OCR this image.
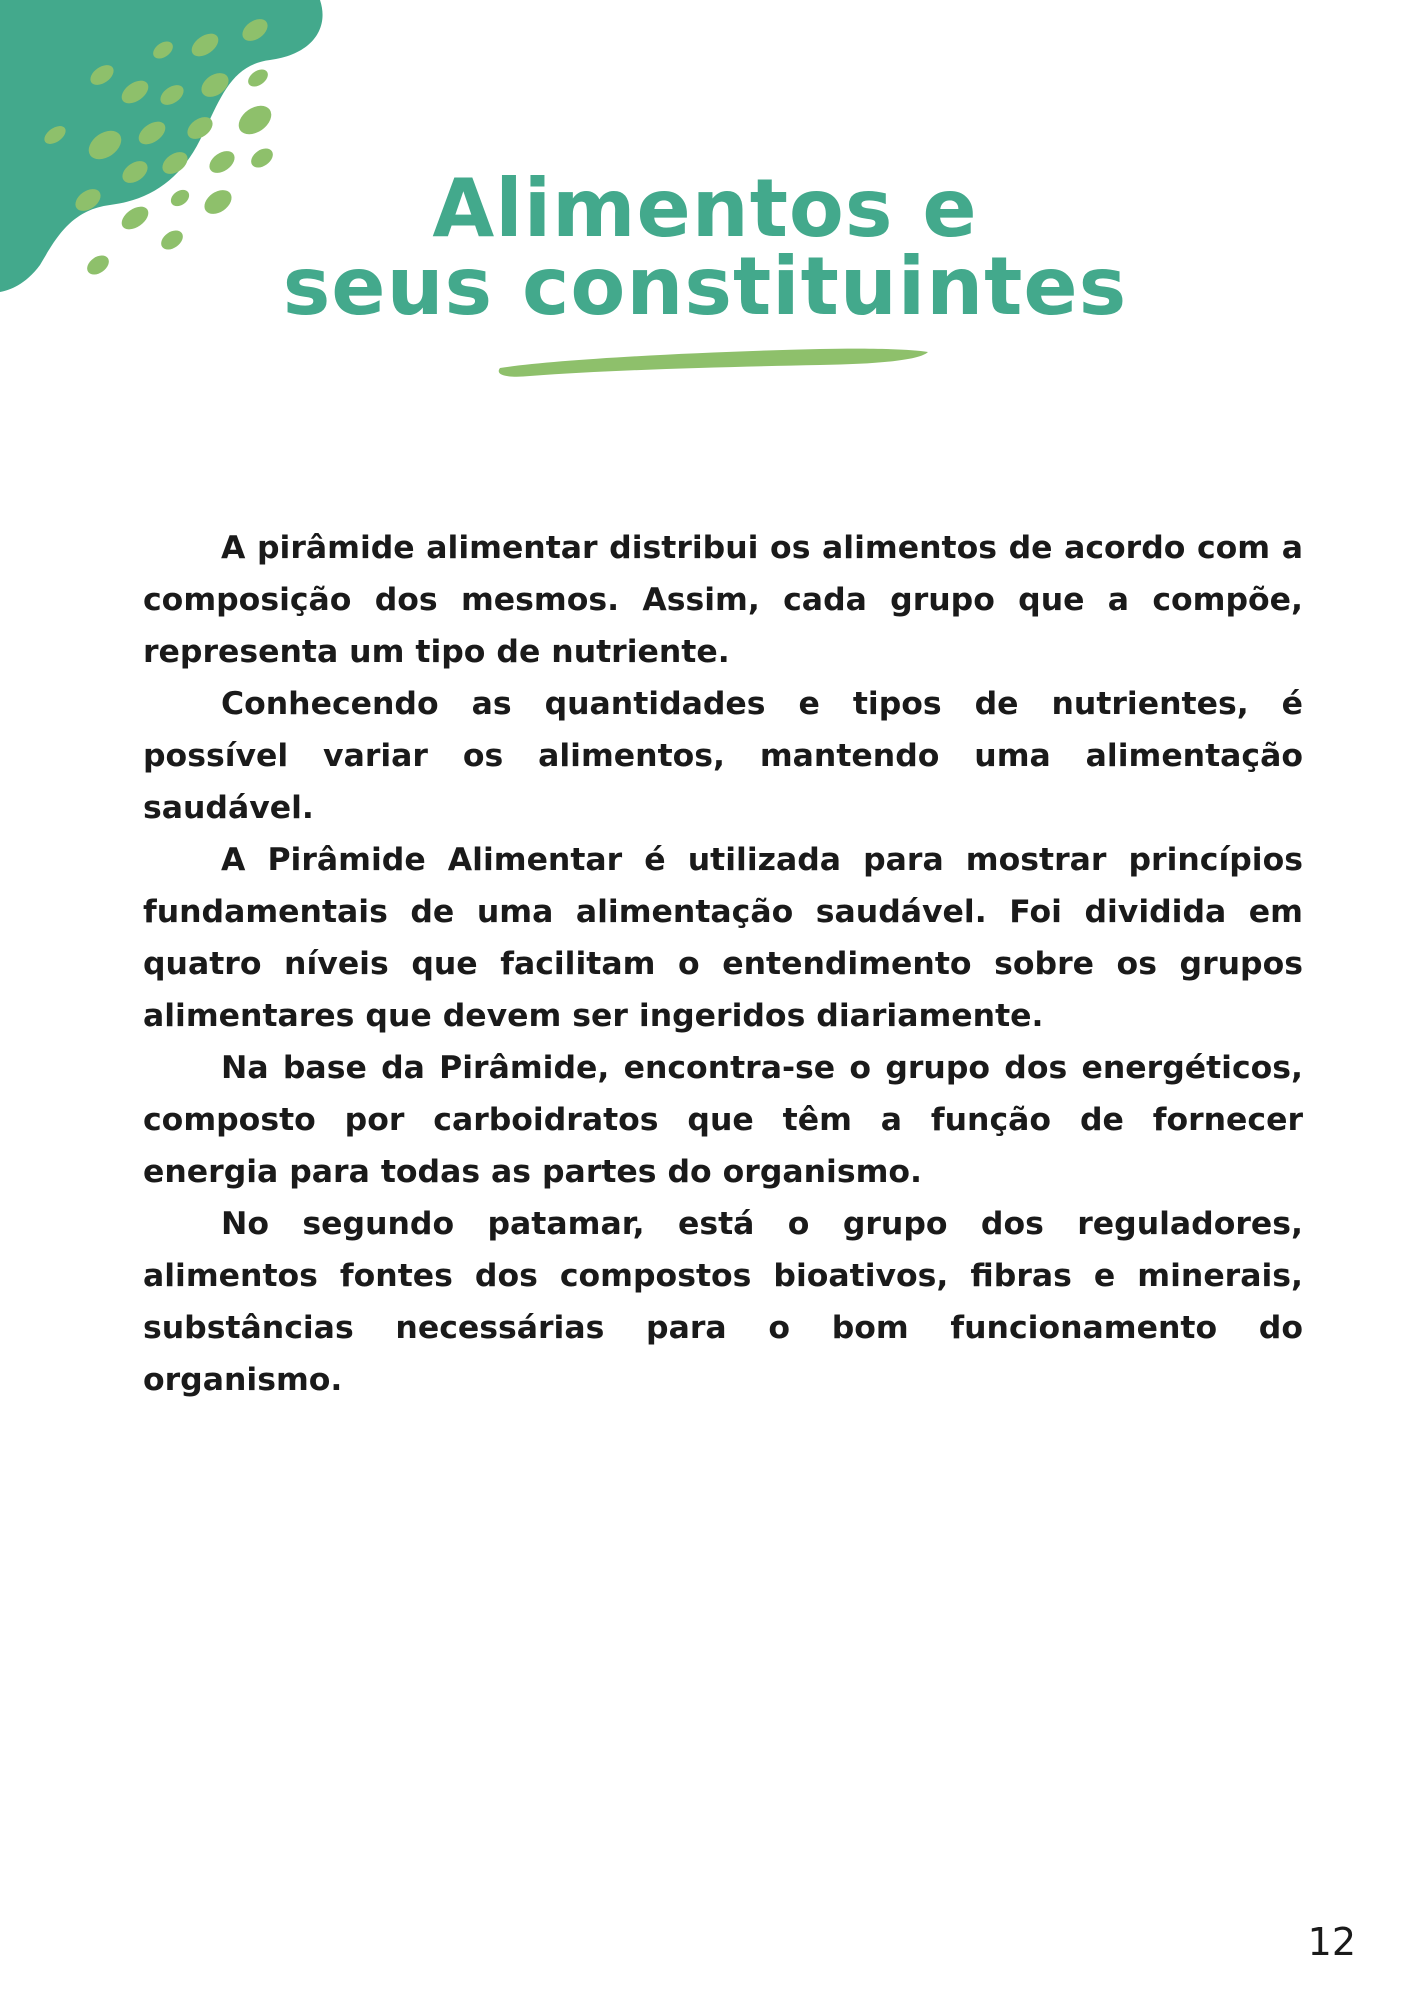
Alimentos e
seus constituintes

A pirâmide alimentar distribui os alimentos de acordo com a composição dos mesmos. Assim, cada grupo que a compõe, representa um tipo de nutriente.

Conhecendo as quantidades e tipos de nutrientes, é possível variar os alimentos, mantendo uma alimentação saudável.

A Pirâmide Alimentar é utilizada para mostrar princípios fundamentais de uma alimentação saudável. Foi dividida em quatro níveis que facilitam o entendimento sobre os grupos alimentares que devem ser ingeridos diariamente.

Na base da Pirâmide, encontra-se o grupo dos energéticos, composto por carboidratos que têm a função de fornecer energia para todas as partes do organismo.

No segundo patamar, está o grupo dos reguladores, alimentos fontes dos compostos bioativos, fibras e minerais, substâncias necessárias para o bom funcionamento do organismo.

12
